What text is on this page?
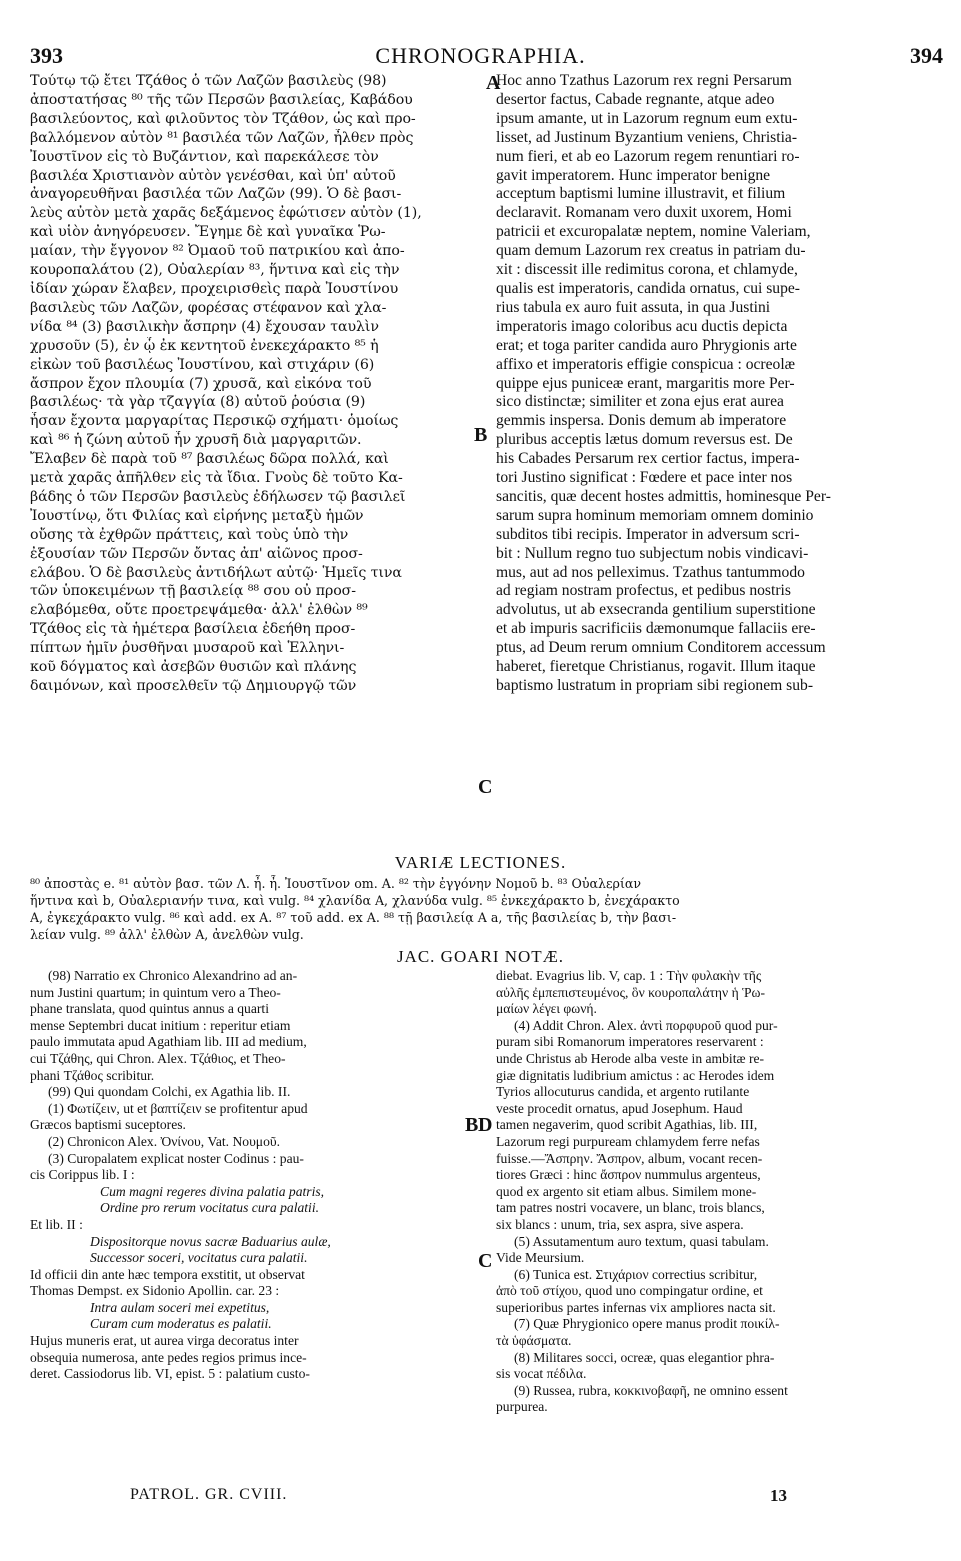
393	CHRONOGRAPHIA.	394
Τούτῳ τῷ ἔτει Τζάθος ὁ τῶν Λαζῶν βασιλεὺς (98)
ἀποστατήσας ⁸⁰ τῆς τῶν Περσῶν βασιλείας, Καβάδου
βασιλεύοντος, καὶ φιλοῦντος τὸν Τζάθον, ὡς καὶ προ-
βαλλόμενον αὐτὸν ⁸¹ βασιλέα τῶν Λαζῶν, ἦλθεν πρὸς
Ἰουστῖνον εἰς τὸ Βυζάντιον, καὶ παρεκάλεσε τὸν
βασιλέα Χριστιανὸν αὐτὸν γενέσθαι, καὶ ὑπ' αὐτοῦ
ἀναγορευθῆναι βασιλέα τῶν Λαζῶν (99). Ὁ δὲ βασι-
λεὺς αὐτὸν μετὰ χαρᾶς δεξάμενος ἐφώτισεν αὐτὸν (1),
καὶ υἱὸν ἀνηγόρευσεν. Ἔγημε δὲ καὶ γυναῖκα Ῥω-
μαίαν, τὴν ἔγγονον ⁸² Ὀμαοῦ τοῦ πατρικίου καὶ ἀπο-
κουροπαλάτου (2), Οὐαλερίαν ⁸³, ἥντινα καὶ εἰς τὴν
ἰδίαν χώραν ἔλαβεν, προχειρισθεὶς παρὰ Ἰουστίνου
βασιλεὺς τῶν Λαζῶν, φορέσας στέφανον καὶ χλα-
νίδα ⁸⁴ (3) βασιλικὴν ἄσπρην (4) ἔχουσαν ταυλὶν
χρυσοῦν (5), ἐν ᾧ ἐκ κεντητοῦ ἐνεκεχάρακτο ⁸⁵ ἡ
εἰκὼν τοῦ βασιλέως Ἰουστίνου, καὶ στιχάριν (6)
ἄσπρον ἔχον πλουμία (7) χρυσᾶ, καὶ εἰκόνα τοῦ
βασιλέως· τὰ γὰρ τζαγγία (8) αὐτοῦ ῥούσια (9)
ἦσαν ἔχοντα μαργαρίτας Περσικῷ σχήματι· ὁμοίως
καὶ ⁸⁶ ἡ ζώνη αὐτοῦ ἦν χρυσῆ διὰ μαργαριτῶν.
Ἔλαβεν δὲ παρὰ τοῦ ⁸⁷ βασιλέως δῶρα πολλά, καὶ
μετὰ χαρᾶς ἀπῆλθεν εἰς τὰ ἴδια. Γνοὺς δὲ τοῦτο Κα-
βάδης ὁ τῶν Περσῶν βασιλεὺς ἐδήλωσεν τῷ βασιλεῖ
Ἰουστίνῳ, ὅτι Φιλίας καὶ εἰρήνης μεταξὺ ἡμῶν
οὔσης τὰ ἐχθρῶν πράττεις, καὶ τοὺς ὑπὸ τὴν
ἐξουσίαν τῶν Περσῶν ὄντας ἀπ' αἰῶνος προσ-
ελάβου. Ὁ δὲ βασιλεὺς ἀντιδήλωτ αὐτῷ· Ἡμεῖς τινα
τῶν ὑποκειμένων τῇ βασιλείᾳ ⁸⁸ σου οὐ προσ-
ελαβόμεθα, οὔτε προετρεψάμεθα· ἀλλ' ἐλθὼν ⁸⁹
Τζάθος εἰς τὰ ἡμέτερα βασίλεια ἐδεήθη προσ-
πίπτων ἡμῖν ῥυσθῆναι μυσαροῦ καὶ Ἑλληνι-
κοῦ δόγματος καὶ ἀσεβῶν θυσιῶν καὶ πλάνης
δαιμόνων, καὶ προσελθεῖν τῷ Δημιουργῷ τῶν
Hoc anno Tzathus Lazorum rex regni Persarum
desertor factus, Cabade regnante, atque adeo
ipsum amante, ut in Lazorum regnum eum extu-
lisset, ad Justinum Byzantium veniens, Christia-
num fieri, et ab eo Lazorum regem renuntiari ro-
gavit imperatorem. Hunc imperator benigne
acceptum baptismi lumine illustravit, et filium
declaravit. Romanam vero duxit uxorem, Homi
patricii et excuropalatæ neptem, nomine Valeriam,
quam demum Lazorum rex creatus in patriam du-
xit : discessit ille redimitus corona, et chlamyde,
qualis est imperatoris, candida ornatus, cui supe-
rius tabula ex auro fuit assuta, in qua Justini
imperatoris imago coloribus acu ductis depicta
erat; et toga pariter candida auro Phrygionis arte
affixo et imperatoris effigie conspicua : ocreolæ
quippe ejus puniceæ erant, margaritis more Per-
sico distinctæ; similiter et zona ejus erat aurea
gemmis inspersa. Donis demum ab imperatore
pluribus acceptis lætus domum reversus est. De
his Cabades Persarum rex certior factus, impera-
tori Justino significat : Fœdere et pace inter nos
sancitis, quæ decent hostes admittis, hominesque Per-
sarum supra hominum memoriam omnem dominio
subditos tibi recipis. Imperator in adversum scri-
bit : Nullum regno tuo subjectum nobis vindicavi-
mus, aut ad nos pelleximus. Tzathus tantummodo
ad regiam nostram profectus, et pedibus nostris
advolutus, ut ab exsecranda gentilium superstitione
et ab impuris sacrificiis dæmonumque fallaciis ere-
ptus, ad Deum rerum omnium Conditorem accessum
haberet, fieretque Christianus, rogavit. Illum itaque
baptismo lustratum in propriam sibi regionem sub-
A
B
C
B D
C
VARIÆ LECTIONES.
⁸⁰ ἀποστὰς e. ⁸¹ αὐτὸν βασ. τῶν Λ. ἦ. ἦ. Ἰουστῖνον om. A. ⁸² τὴν ἐγγόνην Νομοῦ b. ⁸³ Οὐαλερίαν
ἥντινα καὶ b, Οὐαλεριανήν τινα, καὶ vulg. ⁸⁴ χλανίδα A, χλανύδα vulg. ⁸⁵ ἐνκεχάρακτο b, ἐνεχάρακτο
A, ἐγκεχάρακτο vulg. ⁸⁶ καὶ add. ex A. ⁸⁷ τοῦ add. ex A. ⁸⁸ τῇ βασιλείᾳ A a, τῆς βασιλείας b, τὴν βασι-
λείαν vulg. ⁸⁹ ἀλλ' ἐλθὼν A, ἀνελθὼν vulg.
JAC. GOARI NOTÆ.
(98) Narratio ex Chronico Alexandrino ad an-
num Justini quartum; in quintum vero a Theo-
phane translata, quod quintus annus a quarti
mense Septembri ducat initium : reperitur etiam
paulo immutata apud Agathiam lib. III ad medium,
cui Τζάθης, qui Chron. Alex. Τζάθιος, et Theo-
phani Τζάθος scribitur.
(99) Qui quondam Colchi, ex Agathia lib. II.
(1) Φωτίζειν, ut et βαπτίζειν se profitentur apud
Græcos baptismi suceptores.
(2) Chronicon Alex. Ὀνίνου, Vat. Νουμοῦ.
(3) Curopalatem explicat noster Codinus : pau-
cis Corippus lib. I :
Cum magni regeres divina palatia patris,
Ordine pro rerum vocitatus cura palatii.
Et lib. II :
Dispositorque novus sacræ Baduarius aulæ,
Successor soceri, vocitatus cura palatii.
Id officii din ante hæc tempora exstitit, ut observat
Thomas Dempst. ex Sidonio Apollin. car. 23 :
Intra aulam soceri mei expetitus,
Curam cum moderatus es palatii.
Hujus muneris erat, ut aurea virga decoratus inter
obsequia numerosa, ante pedes regios primus ince-
deret. Cassiodorus lib. VI, epist. 5 : palatium custo-
diebat. Evagrius lib. V, cap. 1 : Τὴν φυλακὴν τῆς
αὐλῆς ἐμπεπιστευμένος, ὃν κουροπαλάτην ἡ Ῥω-
μαίων λέγει φωνή.
(4) Addit Chron. Alex. ἀντὶ πορφυροῦ quod pur-
puram sibi Romanorum imperatores reservarent :
unde Christus ab Herode alba veste in ambitæ re-
giæ dignitatis ludibrium amictus : ac Herodes idem
Tyrios allocuturus candida, et argento rutilante
veste procedit ornatus, apud Josephum. Haud
tamen negaverim, quod scribit Agathias, lib. III,
Lazorum regi purpuream chlamydem ferre nefas
fuisse.—Ἄσπρην. Ἄσπρον, album, vocant recen-
tiores Græci : hinc ἄσπρον nummulus argenteus,
quod ex argento sit etiam albus. Similem mone-
tam patres nostri vocavere, un blanc, trois blancs,
six blancs : unum, tria, sex aspra, sive aspera.
(5) Assutamentum auro textum, quasi tabulam.
Vide Meursium.
(6) Tunica est. Στιχάριον correctius scribitur,
ἀπὸ τοῦ στίχου, quod uno compingatur ordine, et
superioribus partes infernas vix ampliores nacta sit.
(7) Quæ Phrygionico opere manus prodit ποικίλ-
τὰ ὑφάσματα.
(8) Militares socci, ocreæ, quas elegantior phra-
sis vocat πέδιλα.
(9) Russea, rubra, κοκκινοβαφῆ, ne omnino essent
purpurea.
PATROL. GR. CVIII.	13
